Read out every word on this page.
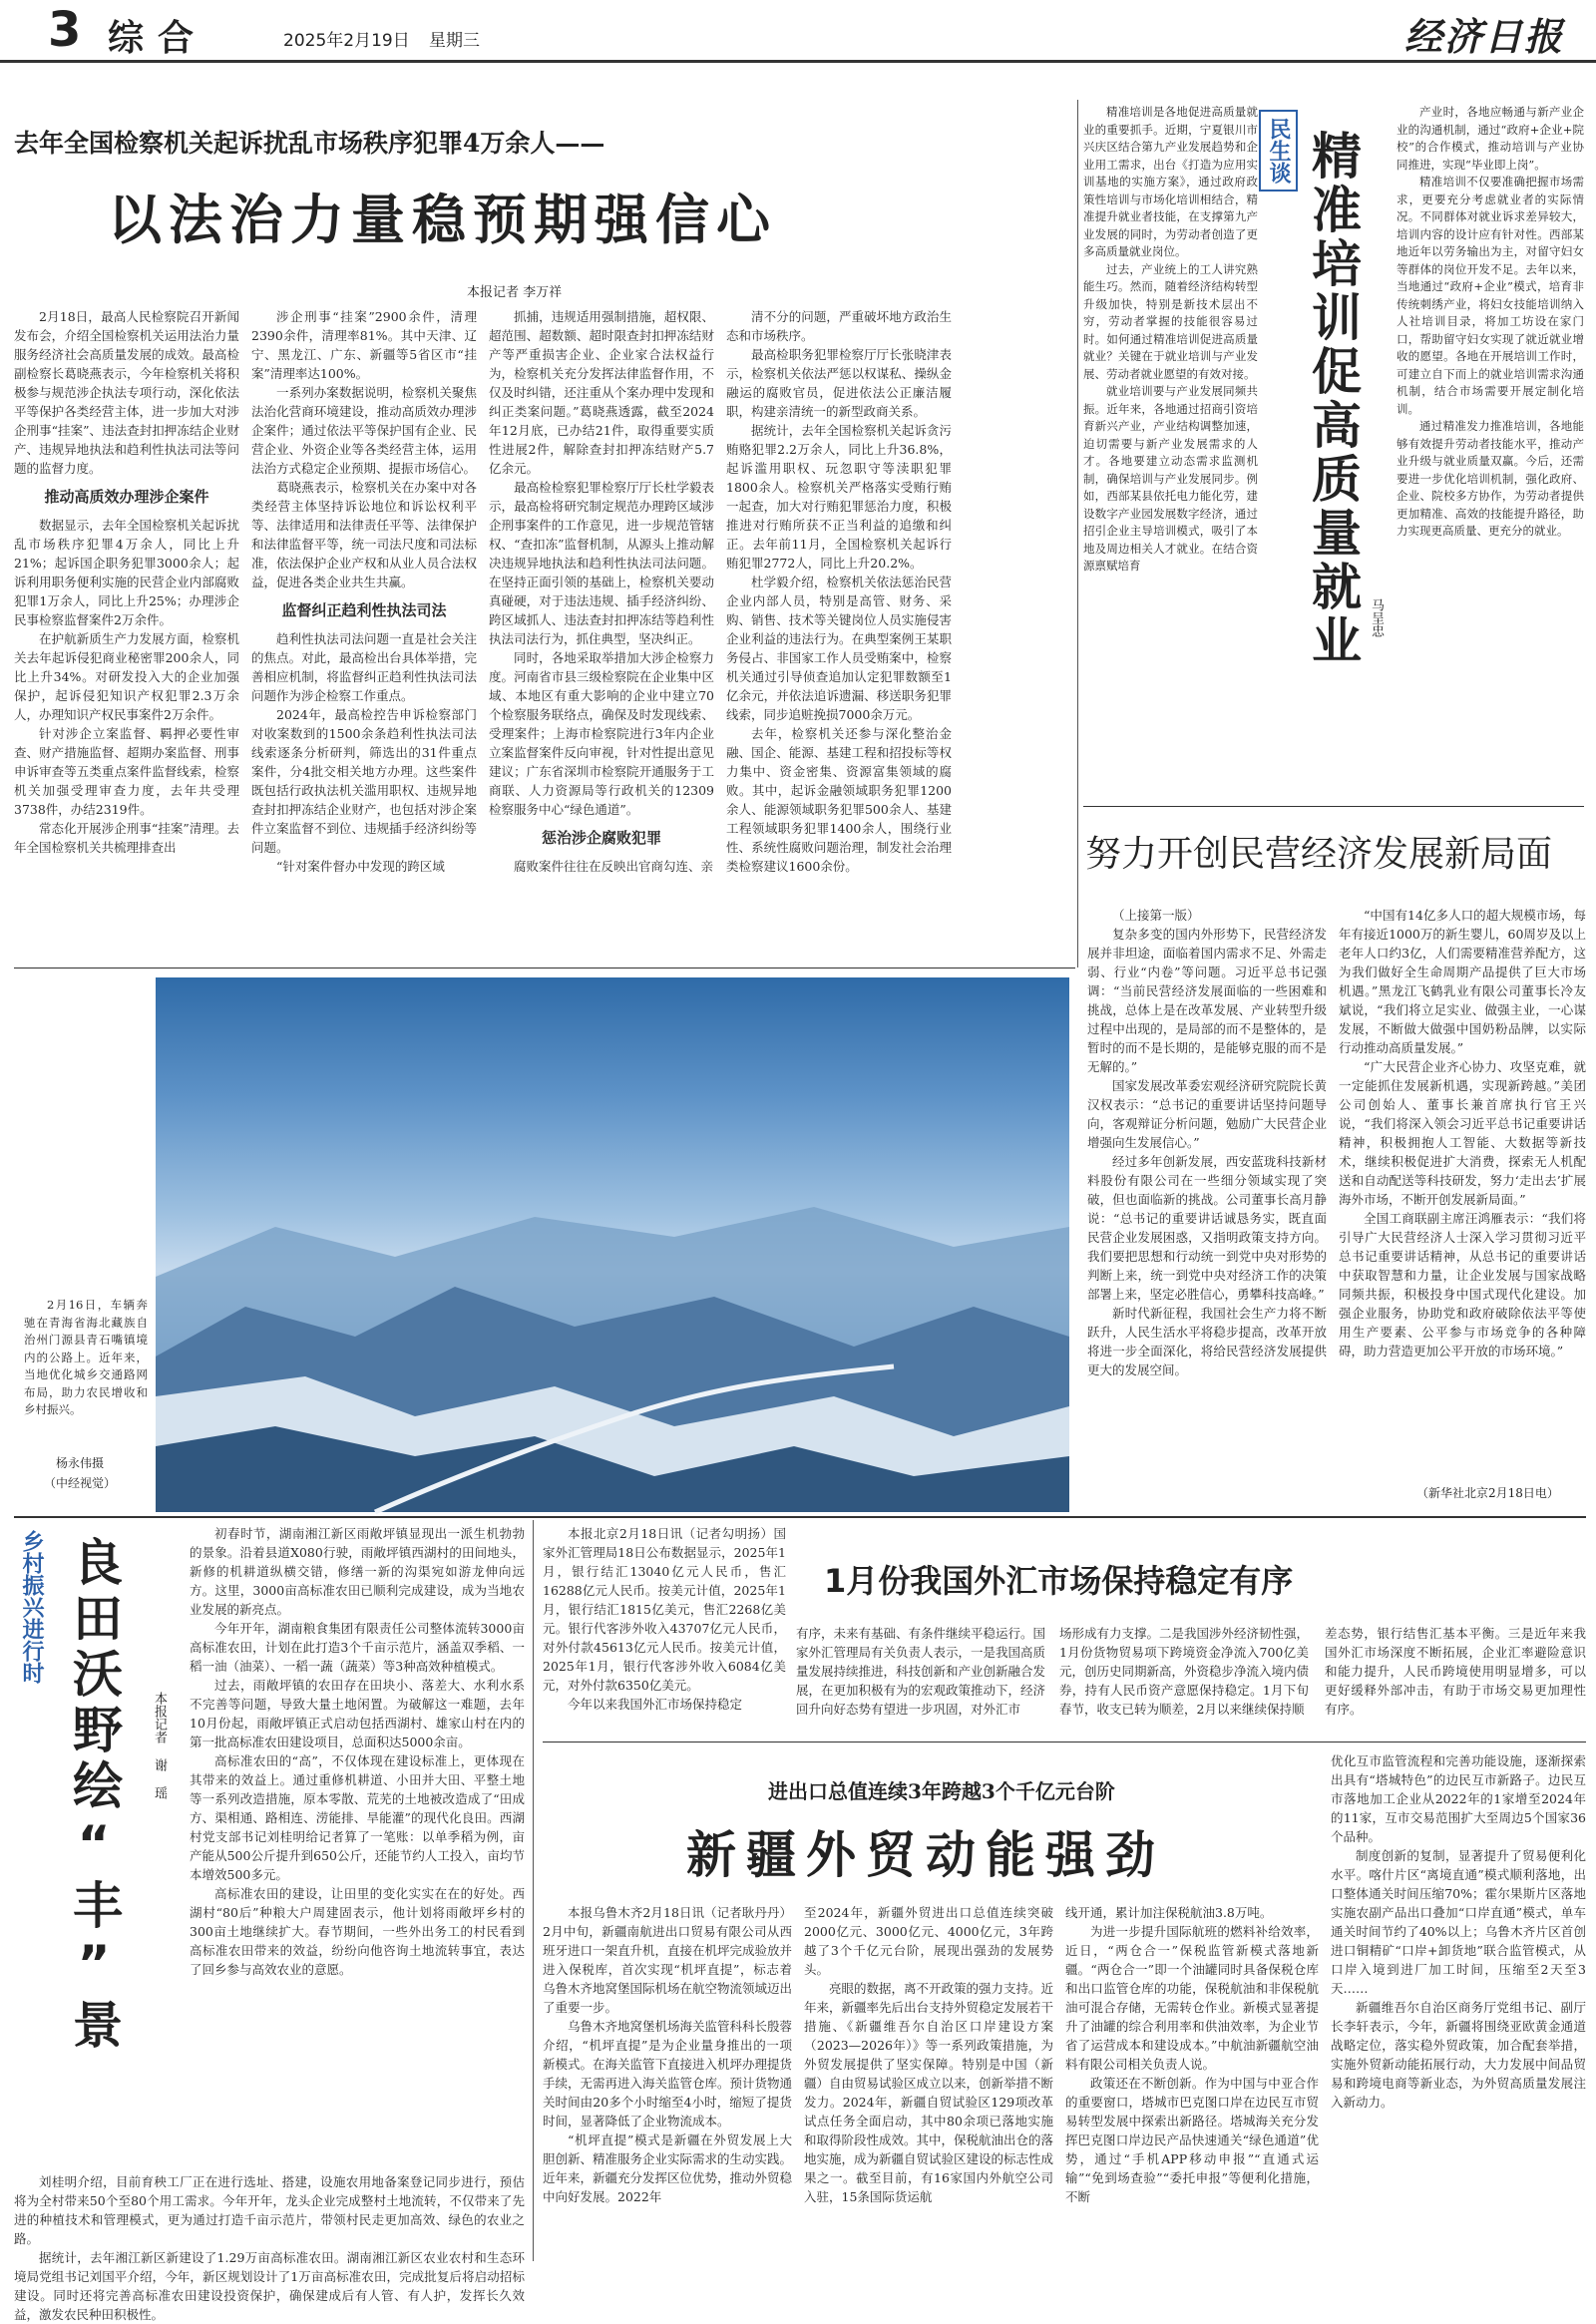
3 综合	2025年2月19日 星期三	经济日报
去年全国检察机关起诉扰乱市场秩序犯罪4万余人——
以法治力量稳预期强信心
本报记者 李万祥

2月18日，最高人民检察院召开新闻发布会，介绍全国检察机关运用法治力量服务经济社会高质量发展的成效。最高检副检察长葛晓燕表示，今年检察机关将积极参与规范涉企执法专项行动，深化依法平等保护各类经营主体，进一步加大对涉企刑事“挂案”、违法查封扣押冻结企业财产、违规异地执法和趋利性执法司法等问题的监督力度。

推动高质效办理涉企案件

数据显示，去年全国检察机关起诉扰乱市场秩序犯罪4万余人，同比上升21%；起诉国企职务犯罪3000余人；起诉利用职务便利实施的民营企业内部腐败犯罪1万余人，同比上升25%；办理涉企民事检察监督案件2万余件。

在护航新质生产力发展方面，检察机关去年起诉侵犯商业秘密罪200余人，同比上升34%。对研发投入大的企业加强保护，起诉侵犯知识产权犯罪2.3万余人，办理知识产权民事案件2万余件。

针对涉企立案监督、羁押必要性审查、财产措施监督、超期办案监督、刑事申诉审查等五类重点案件监督线索，检察机关加强受理审查力度，去年共受理3738件，办结2319件。

常态化开展涉企刑事“挂案”清理。去年全国检察机关共梳理排查出

涉企刑事“挂案”2900余件，清理2390余件，清理率81%。其中天津、辽宁、黑龙江、广东、新疆等5省区市“挂案”清理率达100%。

一系列办案数据说明，检察机关聚焦法治化营商环境建设，推动高质效办理涉企案件；通过依法平等保护国有企业、民营企业、外资企业等各类经营主体，运用法治方式稳定企业预期、提振市场信心。

葛晓燕表示，检察机关在办案中对各类经营主体坚持诉讼地位和诉讼权利平等、法律适用和法律责任平等、法律保护和法律监督平等，统一司法尺度和司法标准，依法保护企业产权和从业人员合法权益，促进各类企业共生共赢。

监督纠正趋利性执法司法

趋利性执法司法问题一直是社会关注的焦点。对此，最高检出台具体举措，完善相应机制，将监督纠正趋利性执法司法问题作为涉企检察工作重点。

2024年，最高检控告申诉检察部门对收案数到的1500余条趋利性执法司法线索逐条分析研判，筛选出的31件重点案件，分4批交相关地方办理。这些案件既包括行政执法机关滥用职权、违规异地查封扣押冻结企业财产，也包括对涉企案件立案监督不到位、违规插手经济纠纷等问题。

“针对案件督办中发现的跨区域

抓捕，违规适用强制措施，超权限、超范围、超数额、超时限查封扣押冻结财产等严重损害企业、企业家合法权益行为，检察机关充分发挥法律监督作用，不仅及时纠错，还注重从个案办理中发现和纠正类案问题。”葛晓燕透露，截至2024年12月底，已办结21件，取得重要实质性进展2件，解除查封扣押冻结财产5.7亿余元。

最高检检察犯罪检察厅厅长杜学毅表示，最高检将研究制定规范办理跨区域涉企刑事案件的工作意见，进一步规范管辖权、“查扣冻”监督机制，从源头上推动解决违规异地执法和趋利性执法司法问题。在坚持正面引领的基础上，检察机关要动真碰硬，对于违法违规、插手经济纠纷、跨区域抓人、违法查封扣押冻结等趋利性执法司法行为，抓住典型，坚决纠正。

同时，各地采取举措加大涉企检察力度。河南省市县三级检察院在企业集中区域、本地区有重大影响的企业中建立70个检察服务联络点，确保及时发现线索、受理案件；上海市检察院进行3年内企业立案监督案件反向审视，针对性提出意见建议；广东省深圳市检察院开通服务于工商联、人力资源局等行政机关的12309检察服务中心“绿色通道”。

惩治涉企腐败犯罪

腐败案件往往在反映出官商勾连、亲

清不分的问题，严重破坏地方政治生态和市场秩序。

最高检职务犯罪检察厅厅长张晓津表示，检察机关依法严惩以权谋私、操纵金融运的腐败官员，促进依法公正廉洁履职，构建亲清统一的新型政商关系。

据统计，去年全国检察机关起诉贪污贿赂犯罪2.2万余人，同比上升36.8%，起诉滥用职权、玩忽职守等渎职犯罪1800余人。检察机关严格落实受贿行贿一起查，加大对行贿犯罪惩治力度，积极推进对行贿所获不正当利益的追缴和纠正。去年前11月，全国检察机关起诉行贿犯罪2772人，同比上升20.2%。

杜学毅介绍，检察机关依法惩治民营企业内部人员，特别是高管、财务、采购、销售、技术等关键岗位人员实施侵害企业利益的违法行为。在典型案例王某职务侵占、非国家工作人员受贿案中，检察机关通过引导侦查追加认定犯罪数额至1亿余元，并依法追诉遗漏、移送职务犯罪线索，同步追赃挽损7000余万元。

去年，检察机关还参与深化整治金融、国企、能源、基建工程和招投标等权力集中、资金密集、资源富集领域的腐败。其中，起诉金融领域职务犯罪1200余人、能源领域职务犯罪500余人、基建工程领域职务犯罪1400余人，围绕行业性、系统性腐败问题治理，制发社会治理类检察建议1600余份。

精准培训是各地促进高质量就业的重要抓手。近期，宁夏银川市兴庆区结合第九产业发展趋势和企业用工需求，出台《打造为应用实训基地的实施方案》，通过政府政策性培训与市场化培训相结合，精准提升就业者技能，在支撑第九产业发展的同时，为劳动者创造了更多高质量就业岗位。

过去，产业统上的工人讲究熟能生巧。然而，随着经济结构转型升级加快，特别是新技术层出不穷，劳动者掌握的技能很容易过时。如何通过精准培训促进高质量就业？关键在于就业培训与产业发展、劳动者就业愿望的有效对接。

就业培训要与产业发展同频共振。近年来，各地通过招商引资培育新兴产业，产业结构调整加速，迫切需要与新产业发展需求的人才。各地要建立动态需求监测机制，确保培训与产业发展同步。例如，西部某县依托电力能化劳，建设数字产业园发展数字经济，通过招引企业主导培训模式，吸引了本地及周边相关人才就业。在结合资源禀赋培育

民生谈 精准培训促高质量就业 马呈忠

产业时，各地应畅通与新产业企业的沟通机制，通过“政府+企业+院校”的合作模式，推动培训与产业协同推进，实现“毕业即上岗”。

精准培训不仅要准确把握市场需求，更要充分考虑就业者的实际情况。不同群体对就业诉求差异较大，培训内容的设计应有针对性。西部某地近年以劳务输出为主，对留守妇女等群体的岗位开发不足。去年以来，当地通过“政府+企业”模式，培育非传统刺绣产业，将妇女技能培训纳入人社培训目录，将加工坊设在家门口，帮助留守妇女实现了就近就业增收的愿望。各地在开展培训工作时，可建立自下而上的就业培训需求沟通机制，结合市场需要开展定制化培训。

通过精准发力推准培训，各地能够有效提升劳动者技能水平，推动产业升级与就业质量双赢。今后，还需要进一步优化培训机制，强化政府、企业、院校多方协作，为劳动者提供更加精准、高效的技能提升路径，助力实现更高质量、更充分的就业。

努力开创民营经济发展新局面

（上接第一版）

复杂多变的国内外形势下，民营经济发展并非坦途，面临着国内需求不足、外需走弱、行业“内卷”等问题。习近平总书记强调：“当前民营经济发展面临的一些困难和挑战，总体上是在改革发展、产业转型升级过程中出现的，是局部的而不是整体的，是暂时的而不是长期的，是能够克服的而不是无解的。”

国家发展改革委宏观经济研究院院长黄汉权表示：“总书记的重要讲话坚持问题导向，客观辩证分析问题，勉励广大民营企业增强向生发展信心。”

经过多年创新发展，西安蓝珑科技新材料股份有限公司在一些细分领域实现了突破，但也面临新的挑战。公司董事长高月静说：“总书记的重要讲话诚恳务实，既直面民营企业发展困惑，又指明政策支持方向。我们要把思想和行动统一到党中央对形势的判断上来，统一到党中央对经济工作的决策部署上来，坚定必胜信心，勇攀科技高峰。”

新时代新征程，我国社会生产力将不断跃升，人民生活水平将稳步提高，改革开放将进一步全面深化，将给民营经济发展提供更大的发展空间。

“中国有14亿多人口的超大规模市场，每年有接近1000万的新生婴儿，60周岁及以上老年人口约3亿，人们需要精准营养配方，这为我们做好全生命周期产品提供了巨大市场机遇。”黑龙江飞鹤乳业有限公司董事长冷友斌说，“我们将立足实业、做强主业，一心谋发展，不断做大做强中国奶粉品牌，以实际行动推动高质量发展。”

“广大民营企业齐心协力、攻坚克难，就一定能抓住发展新机遇，实现新跨越。”美团公司创始人、董事长兼首席执行官王兴说，“我们将深入领会习近平总书记重要讲话精神，积极拥抱人工智能、大数据等新技术，继续积极促进扩大消费，探索无人机配送和自动配送等科技研发，努力‘走出去’扩展海外市场，不断开创发展新局面。”

全国工商联副主席汪鸿雁表示：“我们将引导广大民营经济人士深入学习贯彻习近平总书记重要讲话精神，从总书记的重要讲话中获取智慧和力量，让企业发展与国家战略同频共振，积极投身中国式现代化建设。加强企业服务，协助党和政府破除依法平等使用生产要素、公平参与市场竞争的各种障碍，助力营造更加公平开放的市场环境。”

（新华社北京2月18日电）

2月16日，车辆奔驰在青海省海北藏族自治州门源县青石嘴镇境内的公路上。近年来，当地优化城乡交通路网布局，助力农民增收和乡村振兴。

杨永伟摄
（中经视觉）
乡村振兴进行时 良田沃野绘“丰”景	本报记者 谢 瑶

初春时节，湖南湘江新区雨敞坪镇显现出一派生机勃勃的景象。沿着县道X080行驶，雨敞坪镇西湖村的田间地头，新修的机耕道纵横交错，修缮一新的沟渠宛如游龙伸向远方。这里，3000亩高标准农田已顺利完成建设，成为当地农业发展的新亮点。

今年开年，湖南粮食集团有限责任公司整体流转3000亩高标准农田，计划在此打造3个千亩示范片，涵盖双季稻、一稻一油（油菜）、一稻一蔬（蔬菜）等3种高效种植模式。

过去，雨敞坪镇的农田存在田块小、落差大、水利水系不完善等问题，导致大量土地闲置。为破解这一难题，去年10月份起，雨敞坪镇正式启动包括西湖村、雄家山村在内的第一批高标准农田建设项目，总面积达5000余亩。

高标准农田的“高”，不仅体现在建设标准上，更体现在其带来的效益上。通过重修机耕道、小田并大田、平整土地等一系列改造措施，原本零散、荒芜的土地被改造成了“田成方、渠相通、路相连、涝能排、旱能灌”的现代化良田。西湖村党支部书记刘桂明给记者算了一笔账：以单季稻为例，亩产能从500公斤提升到650公斤，还能节约人工投入，亩均节本增效500多元。

高标准农田的建设，让田里的变化实实在在的好处。西湖村“80后”种粮大户周建固表示，他计划将雨敞坪乡村的300亩土地继续扩大。春节期间，一些外出务工的村民看到高标准农田带来的效益，纷纷向他咨询土地流转事宜，表达了回乡参与高效农业的意愿。

刘桂明介绍，目前育秧工厂正在进行选址、搭建，设施农用地备案登记同步进行，预估将为全村带来50个至80个用工需求。今年开年，龙头企业完成整村土地流转，不仅带来了先进的种植技术和管理模式，更为通过打造千亩示范片，带领村民走更加高效、绿色的农业之路。

据统计，去年湘江新区新建设了1.29万亩高标准农田。湖南湘江新区农业农村和生态环境局党组书记刘国平介绍，今年，新区规划设计了1万亩高标准农田，完成批复后将启动招标建设。同时还将完善高标准农田建设投资保护，确保建成后有人管、有人护，发挥长久效益，激发农民种田积极性。

本报北京2月18日讯（记者勾明扬）国家外汇管理局18日公布数据显示，2025年1月，银行结汇13040亿元人民币，售汇16288亿元人民币。按美元计值，2025年1月，银行结汇1815亿美元，售汇2268亿美元。银行代客涉外收入43707亿元人民币，对外付款45613亿元人民币。按美元计值，2025年1月，银行代客涉外收入6084亿美元，对外付款6350亿美元。

今年以来我国外汇市场保持稳定

1月份我国外汇市场保持稳定有序

有序，未来有基础、有条件继续平稳运行。国家外汇管理局有关负责人表示，一是我国高质量发展持续推进，科技创新和产业创新融合发展，在更加积极有为的宏观政策推动下，经济回升向好态势有望进一步巩固，对外汇市

场形成有力支撑。二是我国涉外经济韧性强，1月份货物贸易项下跨境资金净流入700亿美元，创历史同期新高，外资稳步净流入境内债券，持有人民币资产意愿保持稳定。1月下旬春节，收支已转为顺差，2月以来继续保持顺

差态势，银行结售汇基本平衡。三是近年来我国外汇市场深度不断拓展，企业汇率避险意识和能力提升，人民币跨境使用明显增多，可以更好缓释外部冲击，有助于市场交易更加理性有序。

进出口总值连续3年跨越3个千亿元台阶
新疆外贸动能强劲

本报乌鲁木齐2月18日讯（记者耿丹丹）2月中旬，新疆南航进出口贸易有限公司从西班牙进口一架直升机，直接在机坪完成验放并进入保税库，首次实现“机坪直提”，标志着乌鲁木齐地窝堡国际机场在航空物流领域迈出了重要一步。

乌鲁木齐地窝堡机场海关监管科科长殷蓉介绍，“机坪直提”是为企业量身推出的一项新模式。在海关监管下直接进入机坪办理提货手续，无需再进入海关监管仓库。预计货物通关时间由20多个小时缩至4小时，缩短了提货时间，显著降低了企业物流成本。

“机坪直提”模式是新疆在外贸发展上大胆创新、精准服务企业实际需求的生动实践。近年来，新疆充分发挥区位优势，推动外贸稳中向好发展。2022年

至2024年，新疆外贸进出口总值连续突破2000亿元、3000亿元、4000亿元，3年跨越了3个千亿元台阶，展现出强劲的发展势头。

亮眼的数据，离不开政策的强力支持。近年来，新疆率先后出台支持外贸稳定发展若干措施、《新疆维吾尔自治区口岸建设方案（2023—2026年）》等一系列政策措施，为外贸发展提供了坚实保障。特别是中国（新疆）自由贸易试验区成立以来，创新举措不断发力。2024年，新疆自贸试验区129项改革试点任务全面启动，其中80余项已落地实施和取得阶段性成效。其中，保税航油出仓的落地实施，成为新疆自贸试验区建设的标志性成果之一。截至目前，有16家国内外航空公司入驻，15条国际货运航

线开通，累计加注保税航油3.8万吨。

为进一步提升国际航班的燃料补给效率，近日，“两仓合一”保税监管新模式落地新疆。“两仓合一”即一个油罐同时具备保税仓库和出口监管仓库的功能，保税航油和非保税航油可混合存储，无需转仓作业。新模式显著提升了油罐的综合利用率和供油效率，为企业节省了运营成本和建设成本。”中航油新疆航空油料有限公司相关负责人说。

政策还在不断创新。作为中国与中亚合作的重要窗口，塔城市巴克图口岸在边民互市贸易转型发展中探索出新路径。塔城海关充分发挥巴克图口岸边民产品快速通关“绿色通道”优势，通过“手机APP移动申报”“直通式运输”“免到场查验”“委托申报”等便利化措施，不断

优化互市监管流程和完善功能设施，逐渐探索出具有“塔城特色”的边民互市新路子。边民互市落地加工企业从2022年的1家增至2024年的11家，互市交易范围扩大至周边5个国家36个品种。

制度创新的复制，显著提升了贸易便利化水平。喀什片区“离境直通”模式顺利落地，出口整体通关时间压缩70%；霍尔果斯片区落地实施农副产品出口叠加“口岸直通”模式，单车通关时间节约了40%以上；乌鲁木齐片区首创进口铜精矿“口岸+卸货地”联合监管模式，从口岸入境到进厂加工时间，压缩至2天至3天……

新疆维吾尔自治区商务厅党组书记、副厅长李轩表示，今年，新疆将围绕亚欧黄金通道战略定位，落实稳外贸政策，加合配套举措，实施外贸新动能拓展行动，大力发展中间品贸易和跨境电商等新业态，为外贸高质量发展注入新动力。
